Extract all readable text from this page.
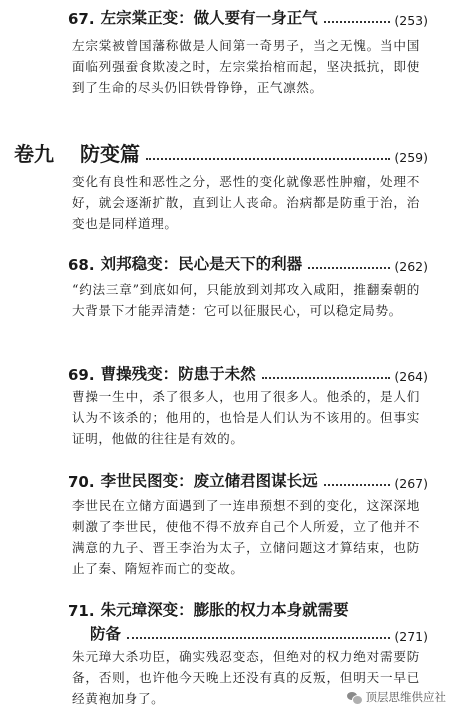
67. 左宗棠正变：做人要有一身正气	(253)
左宗棠被曾国藩称做是人间第一奇男子，当之无愧。当中国面临列强蚕食欺凌之时，左宗棠抬棺而起，坚决抵抗，即使到了生命的尽头仍旧铁骨铮铮，正气凛然。
卷九 防变篇	(259)
变化有良性和恶性之分，恶性的变化就像恶性肿瘤，处理不好，就会逐渐扩散，直到让人丧命。治病都是防重于治，治变也是同样道理。
68. 刘邦稳变：民心是天下的利器	(262)
“约法三章”到底如何，只能放到刘邦攻入咸阳，推翻秦朝的大背景下才能弄清楚：它可以征服民心，可以稳定局势。
69. 曹操残变：防患于未然	(264)
曹操一生中，杀了很多人，也用了很多人。他杀的，是人们认为不该杀的；他用的，也恰是人们认为不该用的。但事实证明，他做的往往是有效的。
70. 李世民图变：废立储君图谋长远	(267)
李世民在立储方面遇到了一连串预想不到的变化，这深深地刺激了李世民，使他不得不放弃自己个人所爱，立了他并不满意的九子、晋王李治为太子，立储问题这才算结束，也防止了秦、隋短祚而亡的变故。
71. 朱元璋深变：膨胀的权力本身就需要
防备	(271)
朱元璋大杀功臣，确实残忍变态，但绝对的权力绝对需要防备，否则，也许他今天晚上还没有真的反叛，但明天一早已经黄袍加身了。	顶层思维供应社
